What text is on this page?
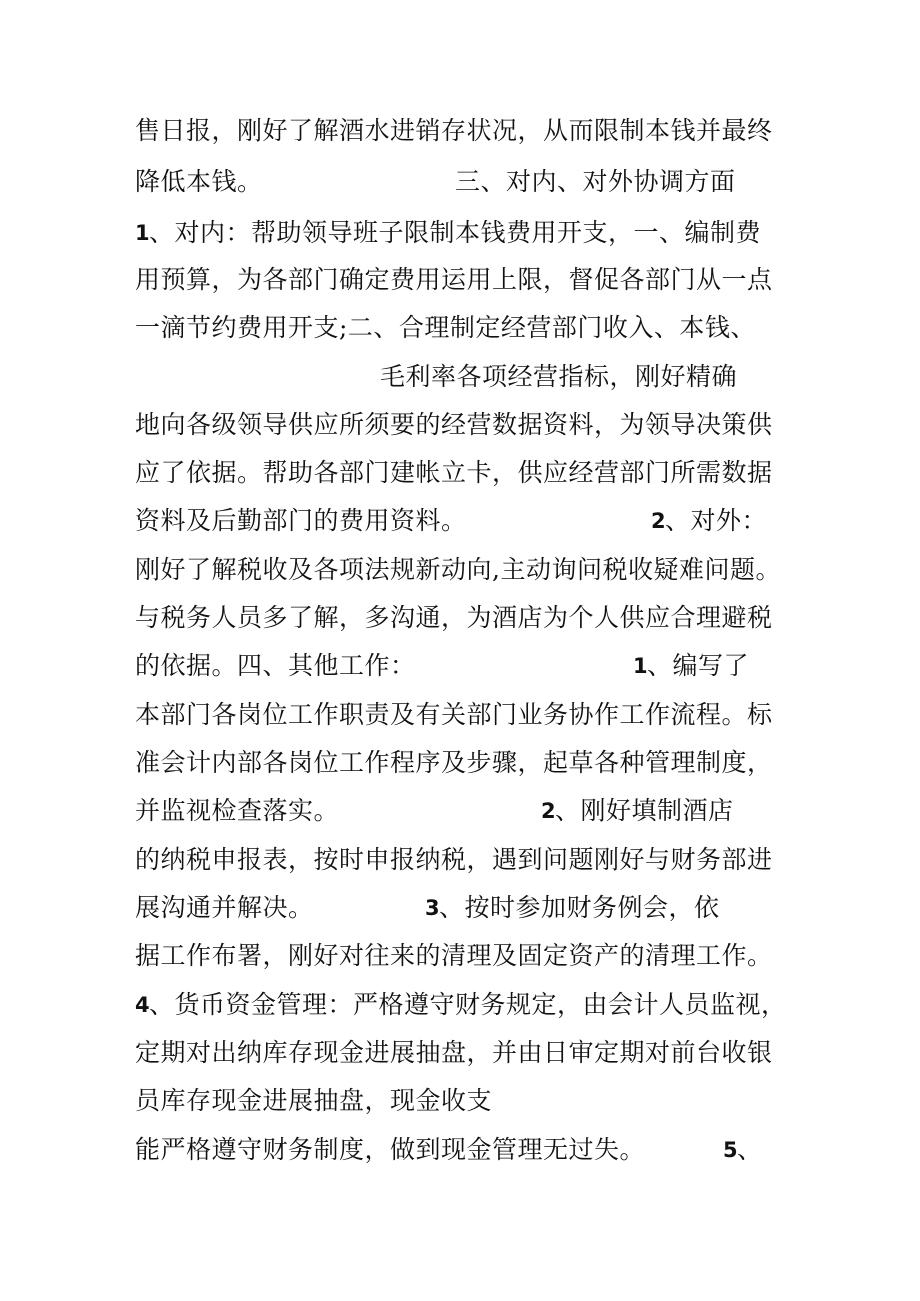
售日报，刚好了解酒水进销存状况，从而限制本钱并最终
降低本钱。	三、对内、对外协调方面
1
、对内：帮助领导班子限制本钱费用开支，一、编制费
用预算，为各部门确定费用运用上限，督促各部门从一点
一滴节约费用开支;二、合理制定经营部门收入、本钱、
毛利率各项经营指标，刚好精确
地向各级领导供应所须要的经营数据资料，为领导决策供
应了依据。帮助各部门建帐立卡，供应经营部门所需数据
资料及后勤部门的费用资料。	2
、对外：
刚好了解税收及各项法规新动向,主动询问税收疑难问题。
与税务人员多了解，多沟通，为酒店为个人供应合理避税
的依据。四、其他工作：	1
、编写了
本部门各岗位工作职责及有关部门业务协作工作流程。标
准会计内部各岗位工作程序及步骤，起草各种管理制度，
并监视检查落实。	2
、刚好填制酒店
的纳税申报表，按时申报纳税，遇到问题刚好与财务部进
展沟通并解决。	3
、按时参加财务例会，依
据工作布署，刚好对往来的清理及固定资产的清理工作。
4
、货币资金管理：严格遵守财务规定，由会计人员监视，
定期对出纳库存现金进展抽盘，并由日审定期对前台收银
员库存现金进展抽盘，现金收支
能严格遵守财务制度，做到现金管理无过失。	5
、
